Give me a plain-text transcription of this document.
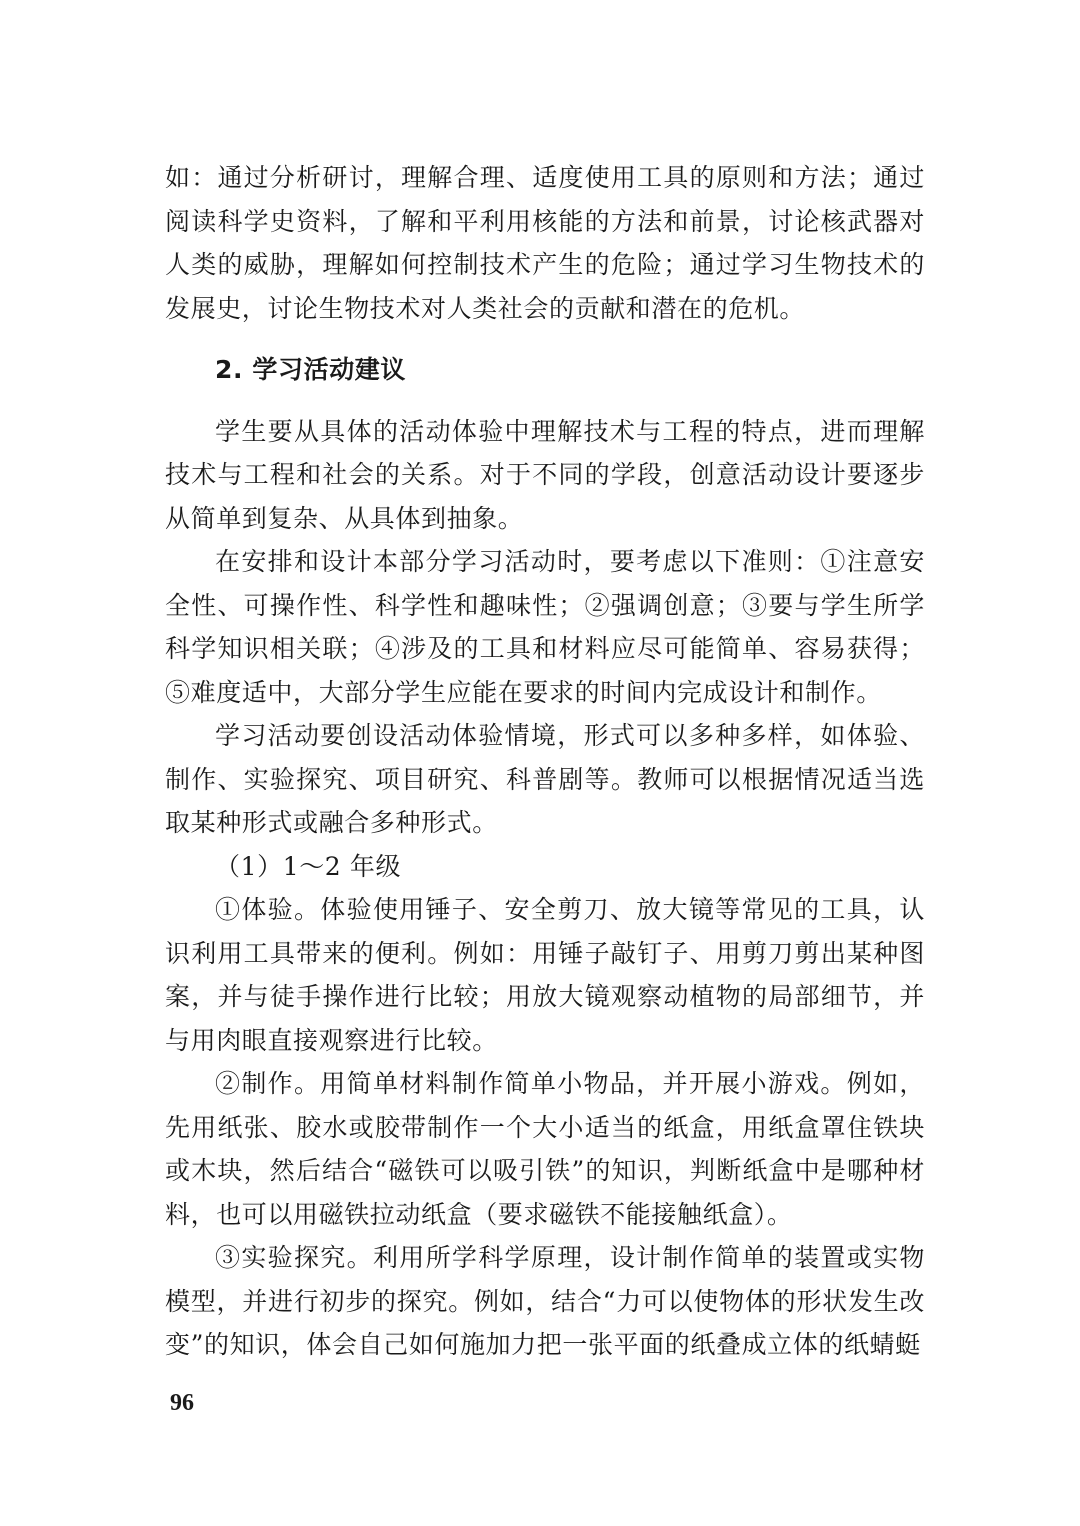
如：通过分析研讨，理解合理、适度使用工具的原则和方法；通过阅读科学史资料，了解和平利用核能的方法和前景，讨论核武器对人类的威胁，理解如何控制技术产生的危险；通过学习生物技术的发展史，讨论生物技术对人类社会的贡献和潜在的危机。

2. 学习活动建议

学生要从具体的活动体验中理解技术与工程的特点，进而理解技术与工程和社会的关系。对于不同的学段，创意活动设计要逐步从简单到复杂、从具体到抽象。

在安排和设计本部分学习活动时，要考虑以下准则：①注意安全性、可操作性、科学性和趣味性；②强调创意；③要与学生所学科学知识相关联；④涉及的工具和材料应尽可能简单、容易获得；⑤难度适中，大部分学生应能在要求的时间内完成设计和制作。

学习活动要创设活动体验情境，形式可以多种多样，如体验、制作、实验探究、项目研究、科普剧等。教师可以根据情况适当选取某种形式或融合多种形式。

（1）1～2 年级

①体验。体验使用锤子、安全剪刀、放大镜等常见的工具，认识利用工具带来的便利。例如：用锤子敲钉子、用剪刀剪出某种图案，并与徒手操作进行比较；用放大镜观察动植物的局部细节，并与用肉眼直接观察进行比较。

②制作。用简单材料制作简单小物品，并开展小游戏。例如，先用纸张、胶水或胶带制作一个大小适当的纸盒，用纸盒罩住铁块或木块，然后结合“磁铁可以吸引铁”的知识，判断纸盒中是哪种材料，也可以用磁铁拉动纸盒（要求磁铁不能接触纸盒）。

③实验探究。利用所学科学原理，设计制作简单的装置或实物模型，并进行初步的探究。例如，结合“力可以使物体的形状发生改变”的知识，体会自己如何施加力把一张平面的纸叠成立体的纸蜻蜓

96
